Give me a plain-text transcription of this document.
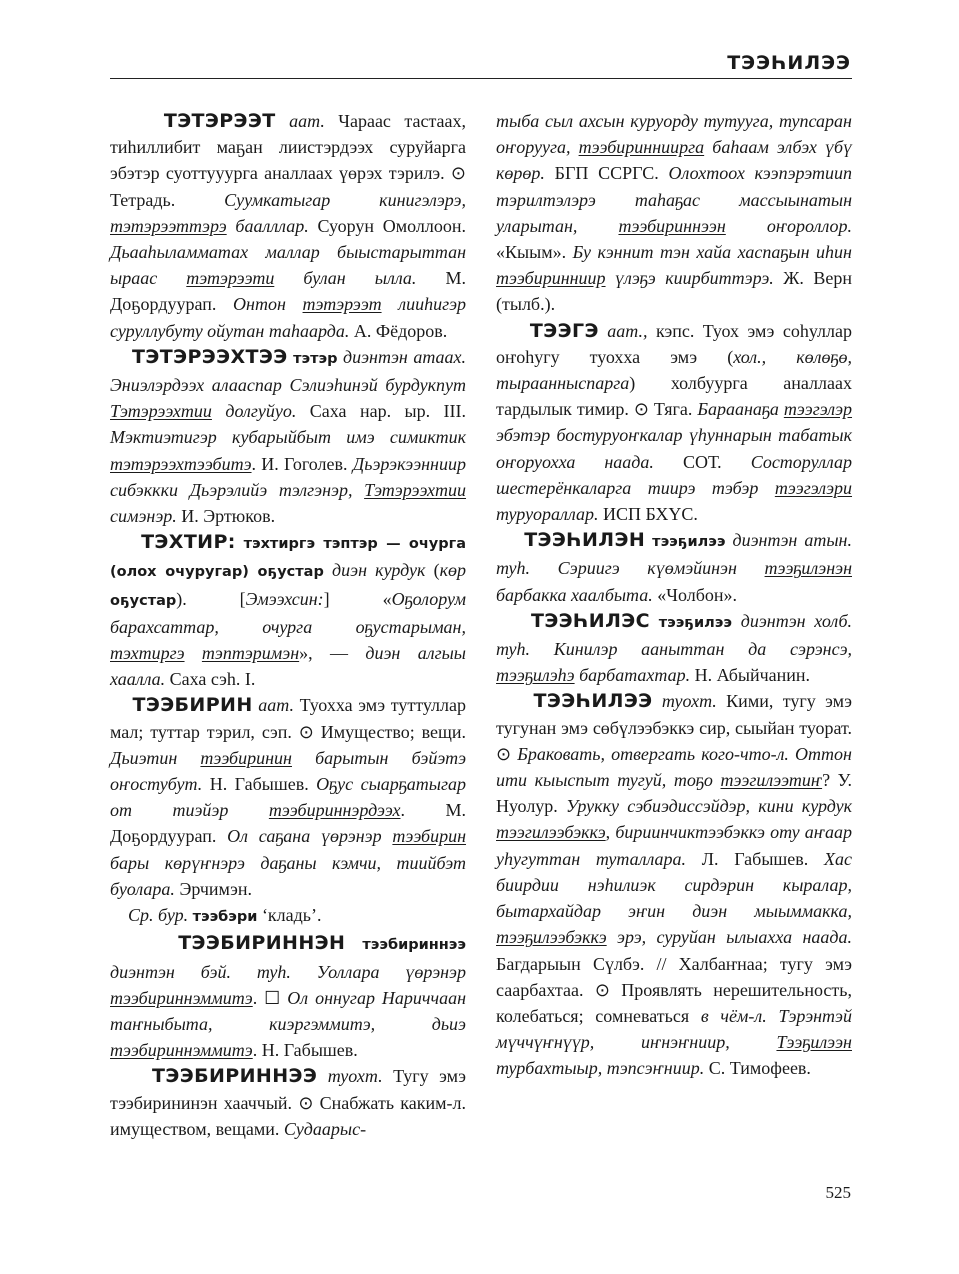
ТЭЭҺИЛЭЭ

ТЭТЭРЭЭТ аат. Чараас тастаах, тиһиллибит маҕан лиистэрдээх суруйарга эбэтэр суоттууурга аналлаах үөрэх тэрилэ. ⊙ Тетрадь. Суумкатыгар кинигэлэрэ, тэтэрээттэрэ баалллар. Суорун Омоллоон. Дьааһыламматах маллар быыстарыттан ыраас тэтэрээти булан ылла. М. Доҕордуурап. Онтон тэтэрээт лииһигэр суруллубуту ойутан таһаарда. А. Фёдоров.

ТЭТЭРЭЭХТЭЭ тэтэр диэнтэн атаах. Эниэлэрдээх алааспар Сэлиэһинэй бурдукпут Тэтэрээхтии долгуйуо. Саха нар. ыр. III. Мэктиэтигэр кубарыйбыт имэ симиктик тэтэрээхтээбитэ. И. Гоголев. Дьэрэкээнниир сибэккки Дьэрэлийэ тэлгэнэр, Тэтэрээхтии симэнэр. И. Эртюков.

ТЭХТИР: тэхтиргэ тэптэр — очурга (олох очуругар) оҕустар диэн курдук (көр оҕустар). [Эмээхсин:] «Оҕолорум барахсаттар, очурга оҕустарыман, тэхтиргэ тэптэримэн», — диэн алгыы хаалла. Саха сэһ. I.

ТЭЭБИРИН аат. Туохха эмэ туттуллар мал; туттар тэрил, сэп. ⊙ Имущество; вещи. Дьиэтин тээбиринин барытын бэйэтэ оҥостубут. Н. Габышев. Оҕус сыарҕатыгар от тиэйэр тээбириннэрдээх. М. Доҕордуурап. Ол саҕана үөрэнэр тээбирин бары көрүҥнэрэ даҕаны кэмчи, тиийбэт буолара. Эрчимэн.

Ср. бур. тээбэри ‘кладь’.

ТЭЭБИРИННЭН тээбириннээ диэнтэн бэй. туһ. Уоллара үөрэнэр тээбириннэммитэ. ☐ Ол оннугар Нариччаан таҥныбыта, киэргэммитэ, дьиэ тээбириннэммитэ. Н. Габышев.

ТЭЭБИРИННЭЭ туохт. Тугу эмэ тээбирининэн хааччый. ⊙ Снабжать каким-л. имуществом, вещами. Судаарыс-

тыба сыл ахсын куруорду тутууга, тупсаран оҥорууга, тээбиринниирга баһаам элбэх үбү көрөр. БГП ССРГС. Олохтоох кээпэрэтиип тэрилтэлэрэ таһаҕас массыынатын уларытан, тээбириннээн оҥороллор. «Кыым». Бу кэннит тэн хайа хаспаҕын иһин тээбиринниир үлэҕэ киирбиттэрэ. Ж. Верн (тылб.).

ТЭЭГЭ аат., кэпс. Туох эмэ соһуллар оҥоһугу туохха эмэ (хол., көлөҕө, тыраанныспарга) холбуурга аналлаах тардылык тимир. ⊙ Тяга. Бараанаҕа тээгэлэр эбэтэр бостуруоҥкалар үһуннарын табатык оҥоруохха наада. СОТ. Состоруллар шестерёнкаларга тиирэ тэбэр тээгэлэри туруораллар. ИСП БХҮС.

ТЭЭҺИЛЭН тээҕилээ диэнтэн атын. туһ. Сэриигэ күөмэйинэн тээҕилэнэн барбакка хаалбыта. «Чолбон».

ТЭЭҺИЛЭС тээҕилээ диэнтэн холб. туһ. Кинилэр ааныттан да сэрэнсэ, тээҕилэһэ барбатахтар. Н. Абыйчанин.

ТЭЭҺИЛЭЭ туохт. Кими, тугу эмэ тугунан эмэ сөбүлээбэккэ сир, сыыйан туорат. ⊙ Браковать, отвергать кого-что-л. Оттон ити кыыспыт тугуй, тоҕо тээгилээтиҥ? У. Нуолур. Урукку сэбиэдиссэйдэр, кини курдук тээгилээбэккэ, бириинчиктээбэккэ оту аҥаар уһугуттан туталлара. Л. Габышев. Хас биирдии нэһилиэк сирдэрин кыралар, бытархайдар эҥин диэн мыыммакка, тээҕилээбэккэ эрэ, суруйан ылыахха наада. Багдарыын Сүлбэ. // Халбаҥнаа; тугу эмэ саарбахтаа. ⊙ Проявлять нерешительность, колебаться; сомневаться в чём-л. Тэрэнтэй мүччүҥнүүр, иҥнэҥниир,	Тээҕилээн турбахтыыр, тэпсэҥниир. С. Тимофеев.

525
